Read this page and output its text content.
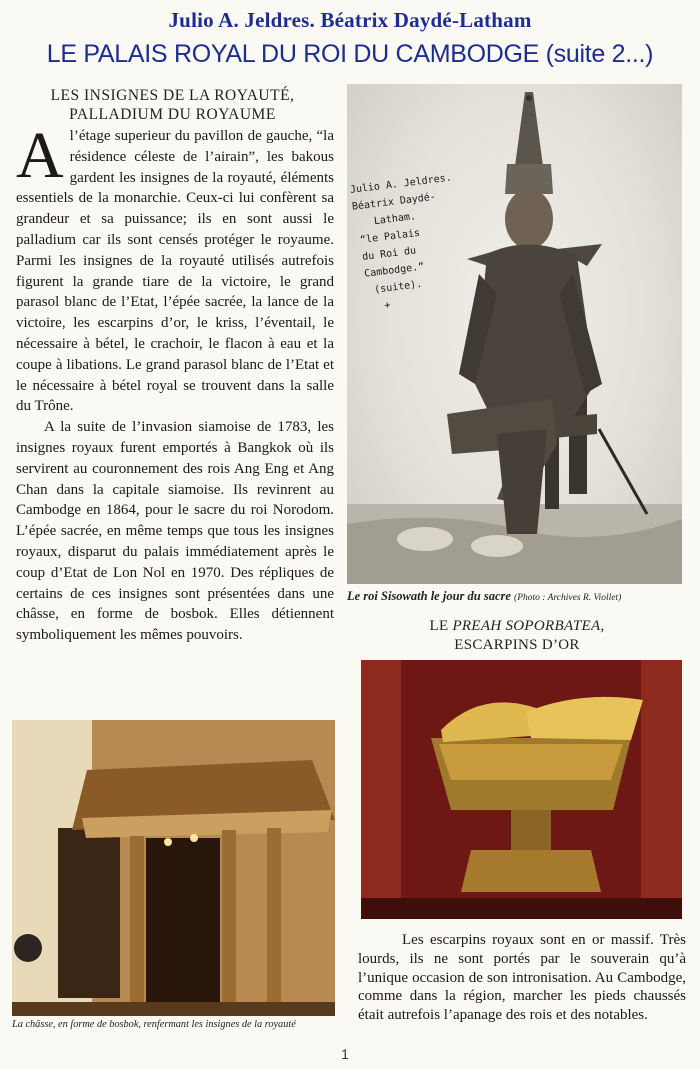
Julio A. Jeldres. Béatrix Daydé-Latham
LE PALAIS ROYAL DU ROI DU CAMBODGE (suite 2...)
LES INSIGNES DE LA ROYAUTÉ,
PALLADIUM DU ROYAUME

Al’étage superieur du pavillon de gauche, “la résidence céleste de l’airain”, les bakous gardent les insignes de la royauté, éléments essentiels de la monarchie. Ceux-ci lui confèrent sa grandeur et sa puissance; ils en sont aussi le palladium car ils sont censés protéger le royaume. Parmi les insignes de la royauté utilisés autrefois figurent la grande tiare de la victoire, le grand parasol blanc de l’Etat, l’épée sacrée, la lance de la victoire, les escarpins d’or, le kriss, l’éventail, le nécessaire à bétel, le crachoir, le flacon à eau et la coupe à libations. Le grand parasol blanc de l’Etat et le nécessaire à bétel royal se trouvent dans la salle du Trône.

A la suite de l’invasion siamoise de 1783, les insignes royaux furent emportés à Bangkok où ils servirent au couronnement des rois Ang Eng et Ang Chan dans la capitale siamoise. Ils revinrent au Cambodge en 1864, pour le sacre du roi Norodom. L’épée sacrée, en même temps que tous les insignes royaux, disparut du palais immédiatement après le coup d’Etat de Lon Nol en 1970. Des répliques de certains de ces insignes sont présentées dans une châsse, en forme de bosbok. Elles détiennent symboliquement les mêmes pouvoirs.

Julio A. Jeldres.
Béatrix Daydé-
Latham.
“le Palais
du Roi du
Cambodge.”
(suite).
+
Le roi Sisowath le jour du sacre (Photo : Archives R. Viollet)
LE PREAH SOPORBATEA,
ESCARPINS D’OR
La châsse, en forme de bosbok, renfermant les insignes de la royauté

Les escarpins royaux sont en or massif. Très lourds, ils ne sont portés par le souverain qu’à l’unique occasion de son intronisation. Au Cambodge, comme dans la région, marcher les pieds chaussés était autrefois l’apanage des rois et des notables.

1
